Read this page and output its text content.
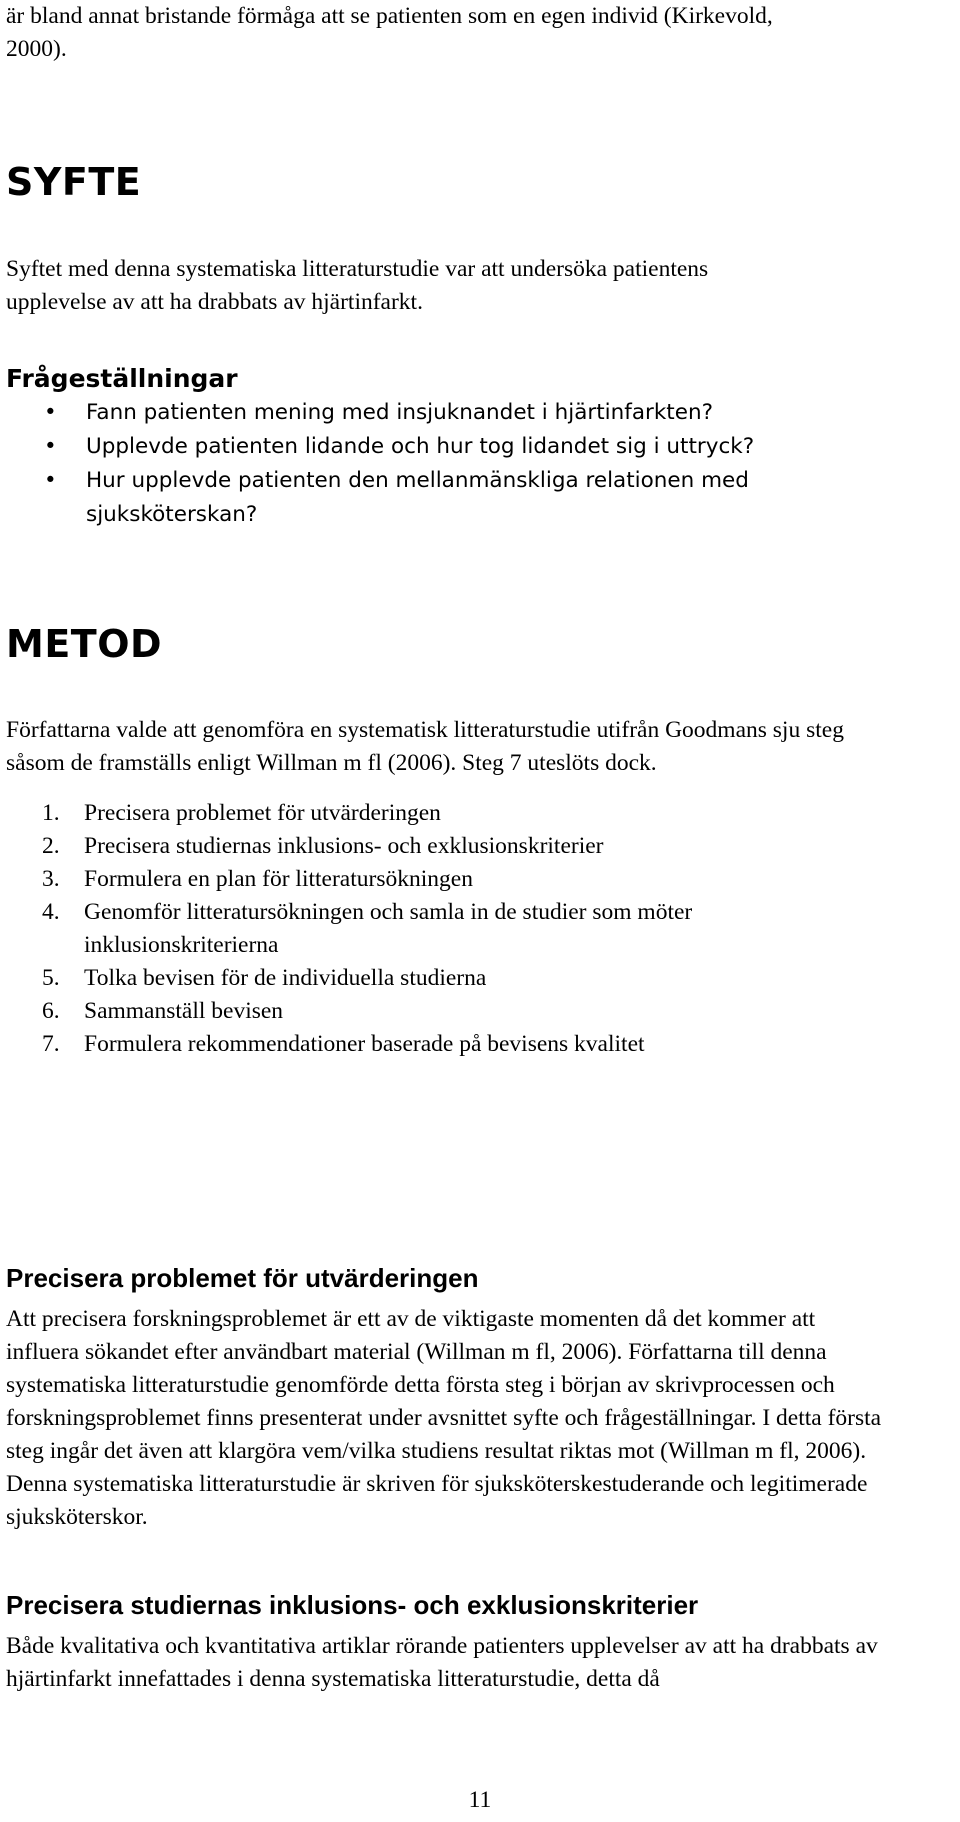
är bland annat bristande förmåga att se patienten som en egen individ (Kirkevold,
2000).

SYFTE

Syftet med denna systematiska litteraturstudie var att undersöka patientens upplevelse av att ha drabbats av hjärtinfarkt.

Frågeställningar
• Fann patienten mening med insjuknandet i hjärtinfarkten?
• Upplevde patienten lidande och hur tog lidandet sig i uttryck?
• Hur upplevde patienten den mellanmänskliga relationen med sjuksköterskan?
METOD

Författarna valde att genomföra en systematisk litteraturstudie utifrån Goodmans sju steg såsom de framställs enligt Willman m fl (2006). Steg 7 uteslöts dock.

1. Precisera problemet för utvärderingen
2. Precisera studiernas inklusions- och exklusionskriterier
3. Formulera en plan för litteratursökningen
4. Genomför litteratursökningen och samla in de studier som möter inklusionskriterierna
5. Tolka bevisen för de individuella studierna
6. Sammanställ bevisen
7. Formulera rekommendationer baserade på bevisens kvalitet
Precisera problemet för utvärderingen

Att precisera forskningsproblemet är ett av de viktigaste momenten då det kommer att influera sökandet efter användbart material (Willman m fl, 2006). Författarna till denna systematiska litteraturstudie genomförde detta första steg i början av skrivprocessen och forskningsproblemet finns presenterat under avsnittet syfte och frågeställningar. I detta första steg ingår det även att klargöra vem/vilka studiens resultat riktas mot (Willman m fl, 2006). Denna systematiska litteraturstudie är skriven för sjuksköterskestuderande och legitimerade sjuksköterskor.

Precisera studiernas inklusions- och exklusionskriterier

Både kvalitativa och kvantitativa artiklar rörande patienters upplevelser av att ha drabbats av hjärtinfarkt innefattades i denna systematiska litteraturstudie, detta då

11
